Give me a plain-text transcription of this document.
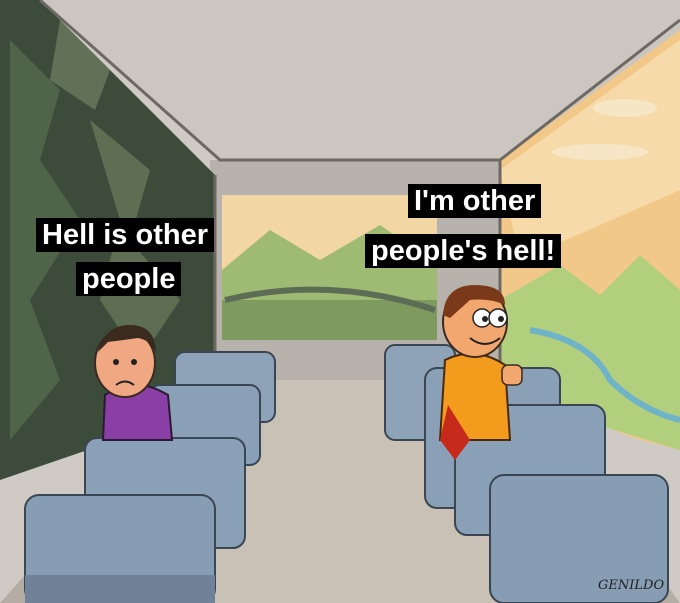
Hell is other
people
I'm other
people's hell!
GENILDO
